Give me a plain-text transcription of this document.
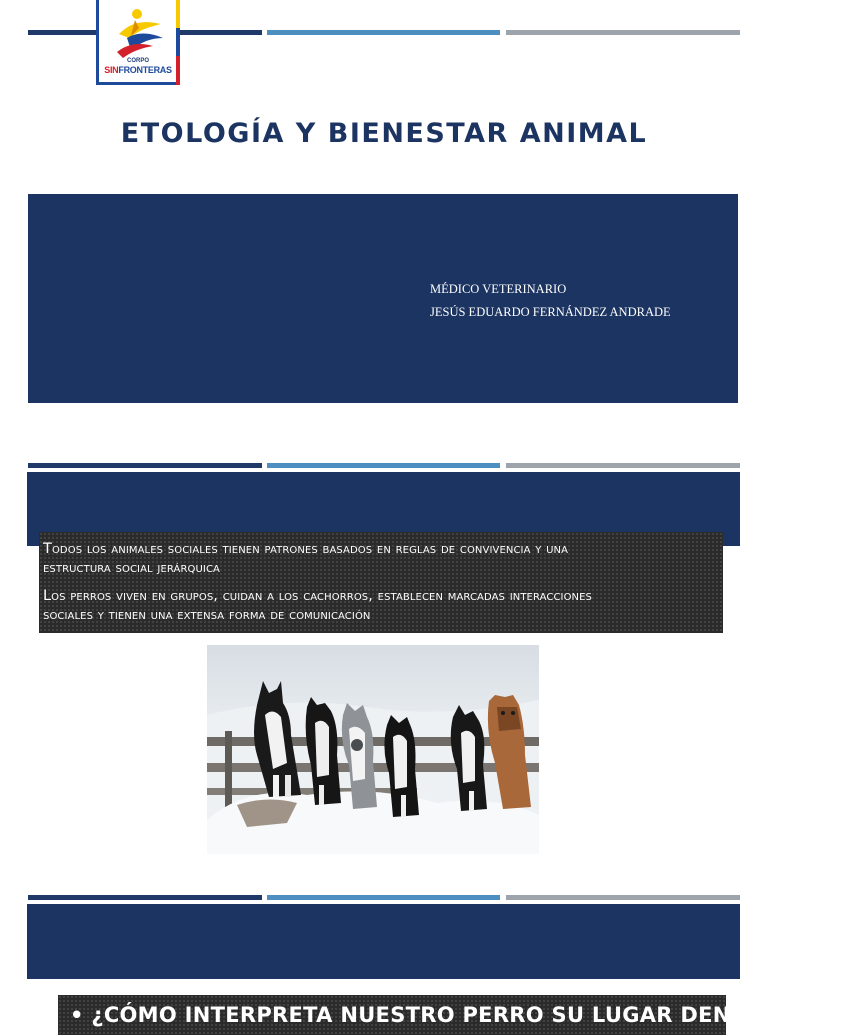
CORPO
SINFRONTERAS
ETOLOGÍA Y BIENESTAR ANIMAL
MÉDICO VETERINARIO
JESÚS EDUARDO FERNÁNDEZ ANDRADE

Todos los animales sociales tienen patrones basados en reglas de convivencia y una

estructura social jerárquica

Los perros viven en grupos, cuidan a los cachorros, establecen marcadas interacciones

sociales y tienen una extensa forma de comunicación

• ¿CÓMO INTERPRETA NUESTRO PERRO SU LUGAR DENTRO DE LA
